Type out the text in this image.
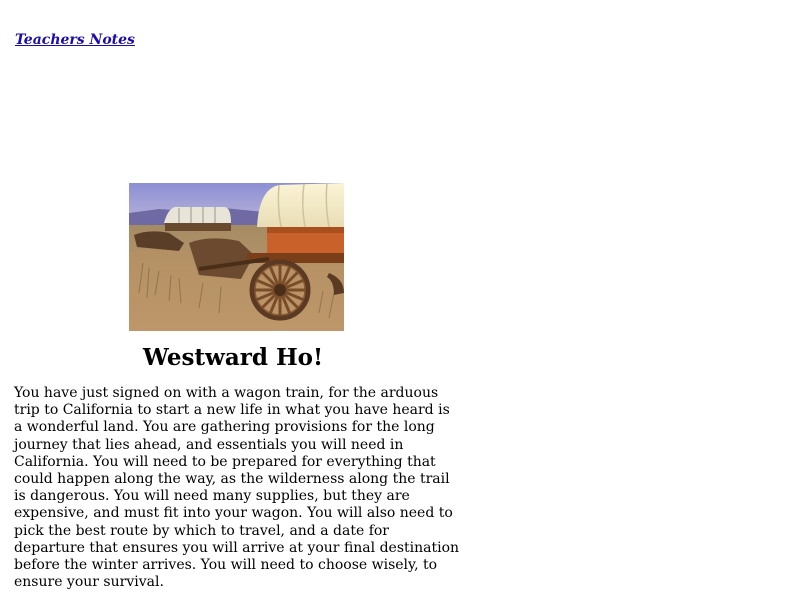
Teachers Notes
Westward Ho!

You have just signed on with a wagon train, for the arduous trip to California to start a new life in what you have heard is a wonderful land. You are gathering provisions for the long journey that lies ahead, and essentials you will need in California. You will need to be prepared for everything that could happen along the way, as the wilderness along the trail is dangerous. You will need many supplies, but they are expensive, and must fit into your wagon. You will also need to pick the best route by which to travel, and a date for departure that ensures you will arrive at your final destination before the winter arrives. You will need to choose wisely, to ensure your survival.
